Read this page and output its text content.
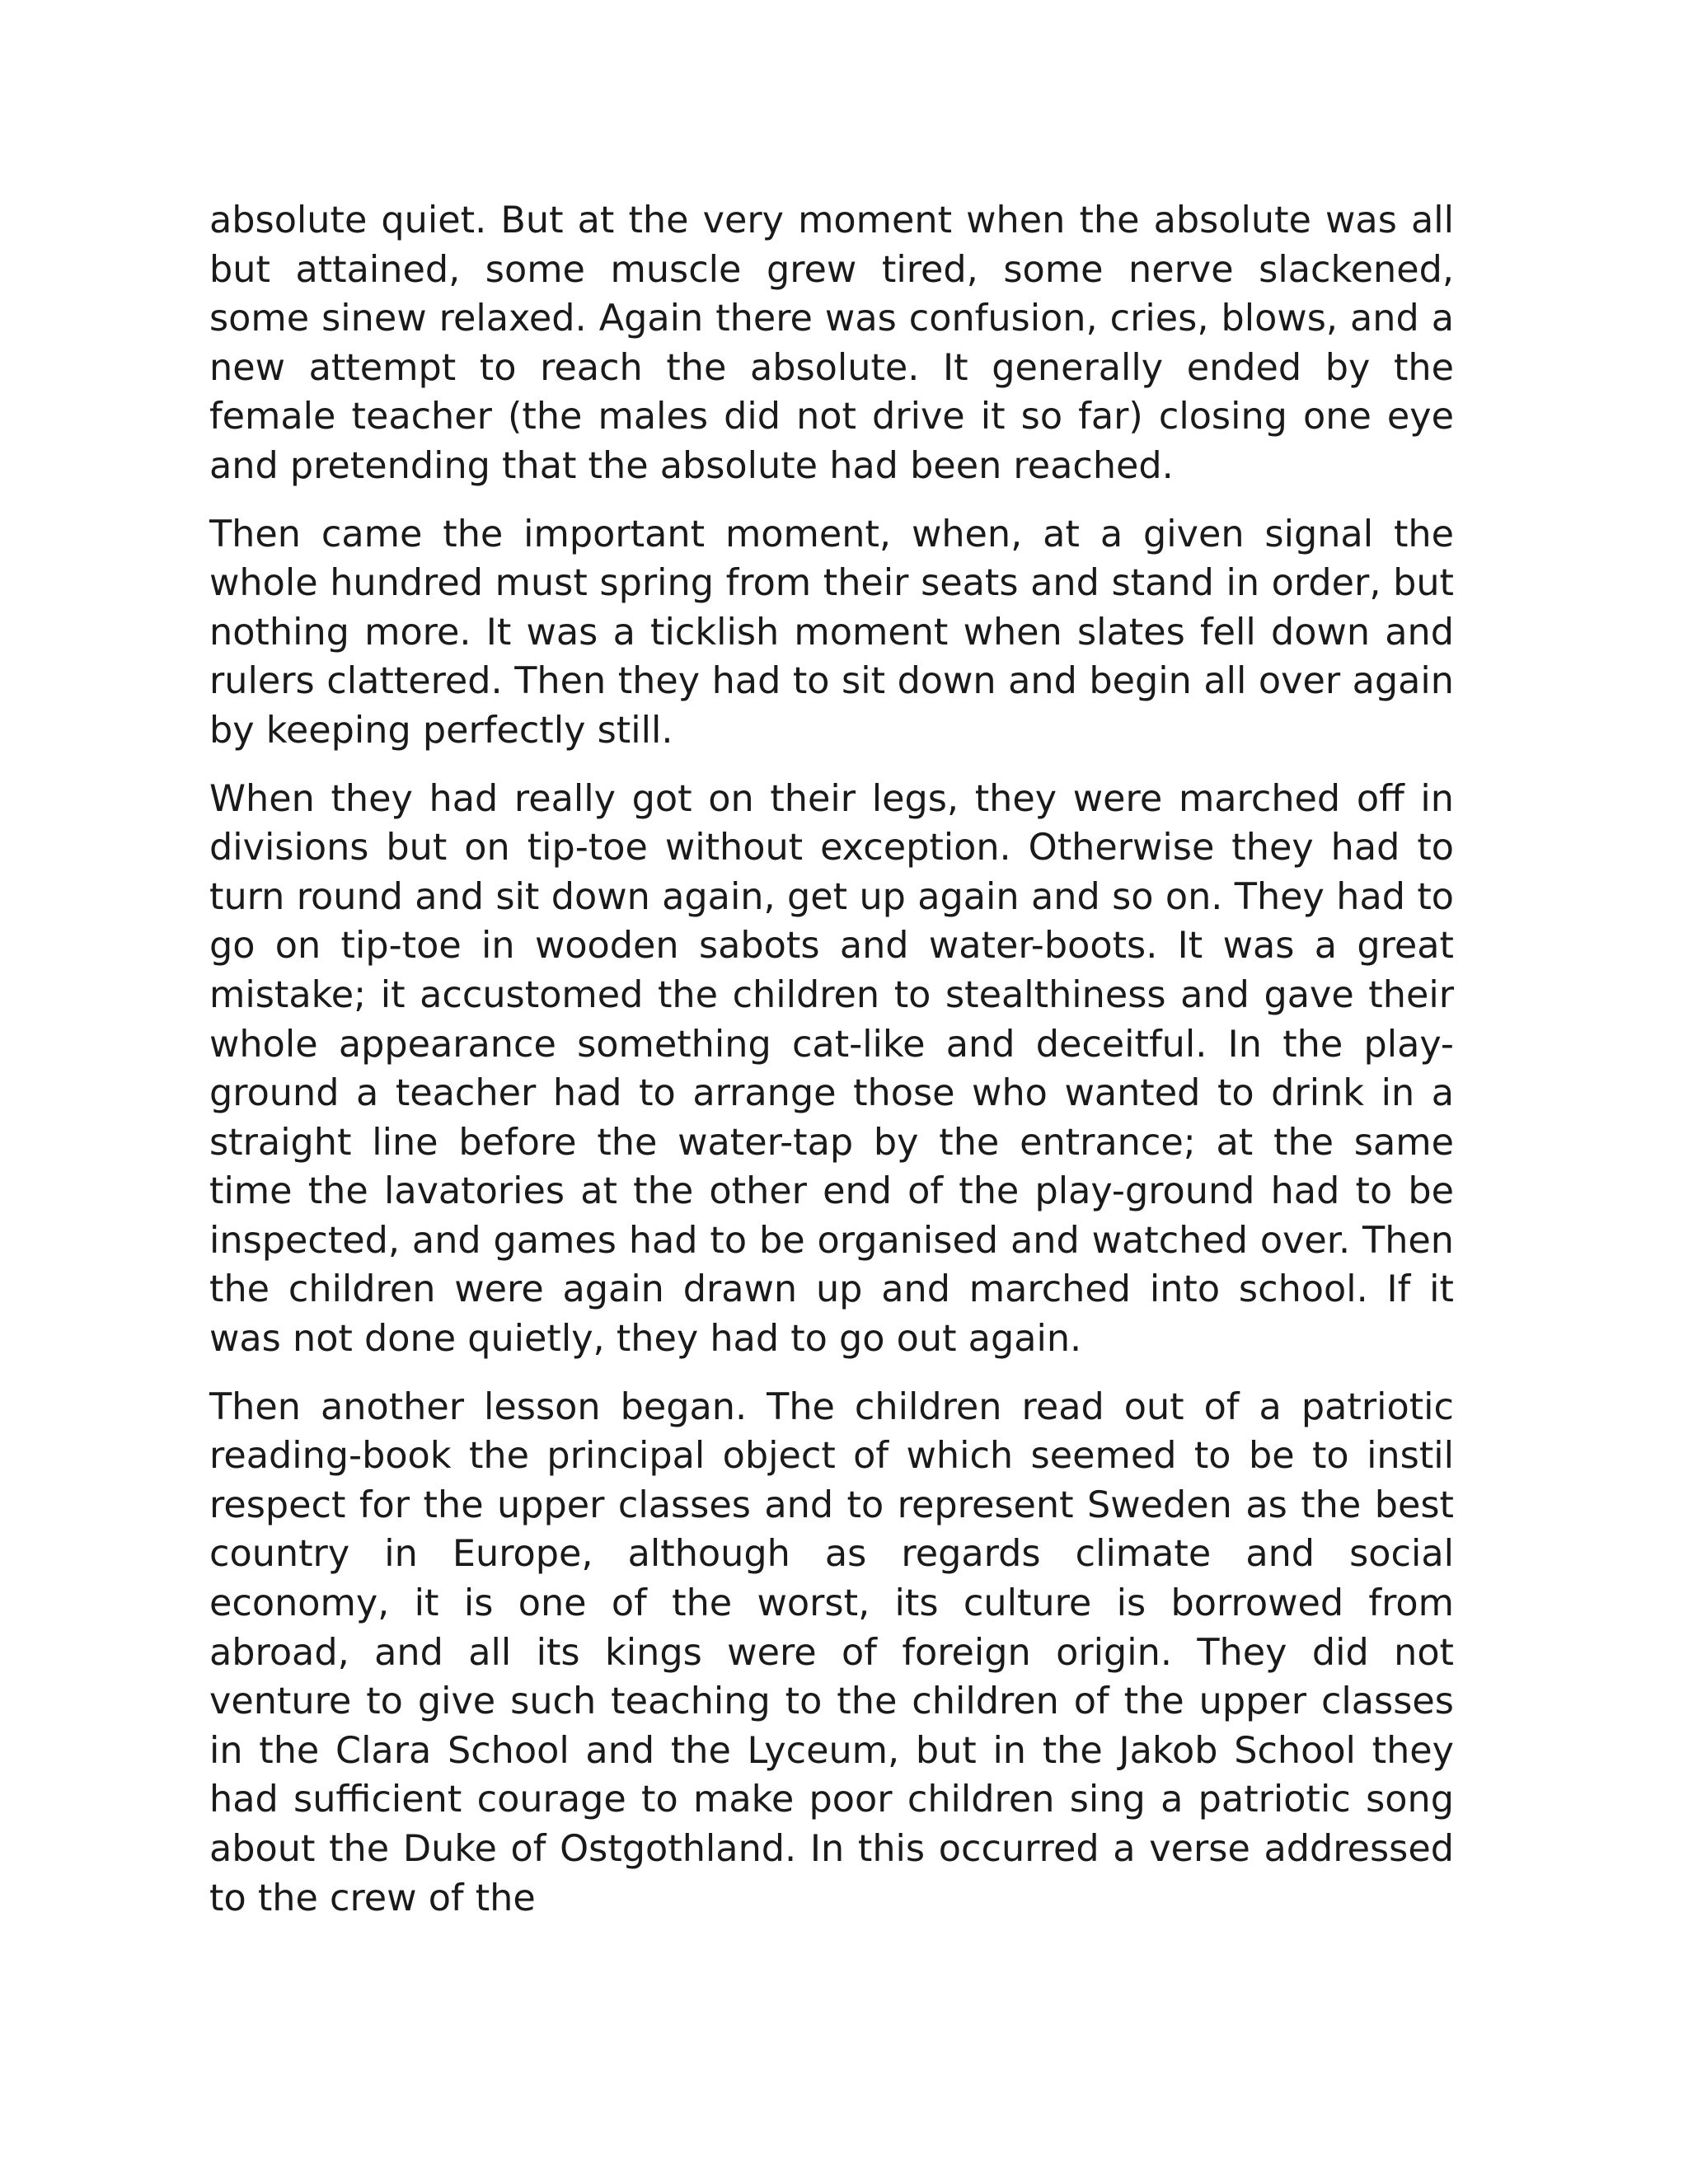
absolute quiet. But at the very moment when the absolute was all but attained, some muscle grew tired, some nerve slackened, some sinew relaxed. Again there was confusion, cries, blows, and a new attempt to reach the absolute. It generally ended by the female teacher (the males did not drive it so far) closing one eye and pretending that the absolute had been reached.

Then came the important moment, when, at a given signal the whole hundred must spring from their seats and stand in order, but nothing more. It was a ticklish moment when slates fell down and rulers clattered. Then they had to sit down and begin all over again by keeping perfectly still.

When they had really got on their legs, they were marched off in divisions but on tip-toe without exception. Otherwise they had to turn round and sit down again, get up again and so on. They had to go on tip-toe in wooden sabots and water-boots. It was a great mistake; it accustomed the children to stealthiness and gave their whole appearance something cat-like and deceitful. In the play-ground a teacher had to arrange those who wanted to drink in a straight line before the water-tap by the entrance; at the same time the lavatories at the other end of the play-ground had to be inspected, and games had to be organised and watched over. Then the children were again drawn up and marched into school. If it was not done quietly, they had to go out again.

Then another lesson began. The children read out of a patriotic reading-book the principal object of which seemed to be to instil respect for the upper classes and to represent Sweden as the best country in Europe, although as regards climate and social economy, it is one of the worst, its culture is borrowed from abroad, and all its kings were of foreign origin. They did not venture to give such teaching to the children of the upper classes in the Clara School and the Lyceum, but in the Jakob School they had sufficient courage to make poor children sing a patriotic song about the Duke of Ostgothland. In this occurred a verse addressed to the crew of the
